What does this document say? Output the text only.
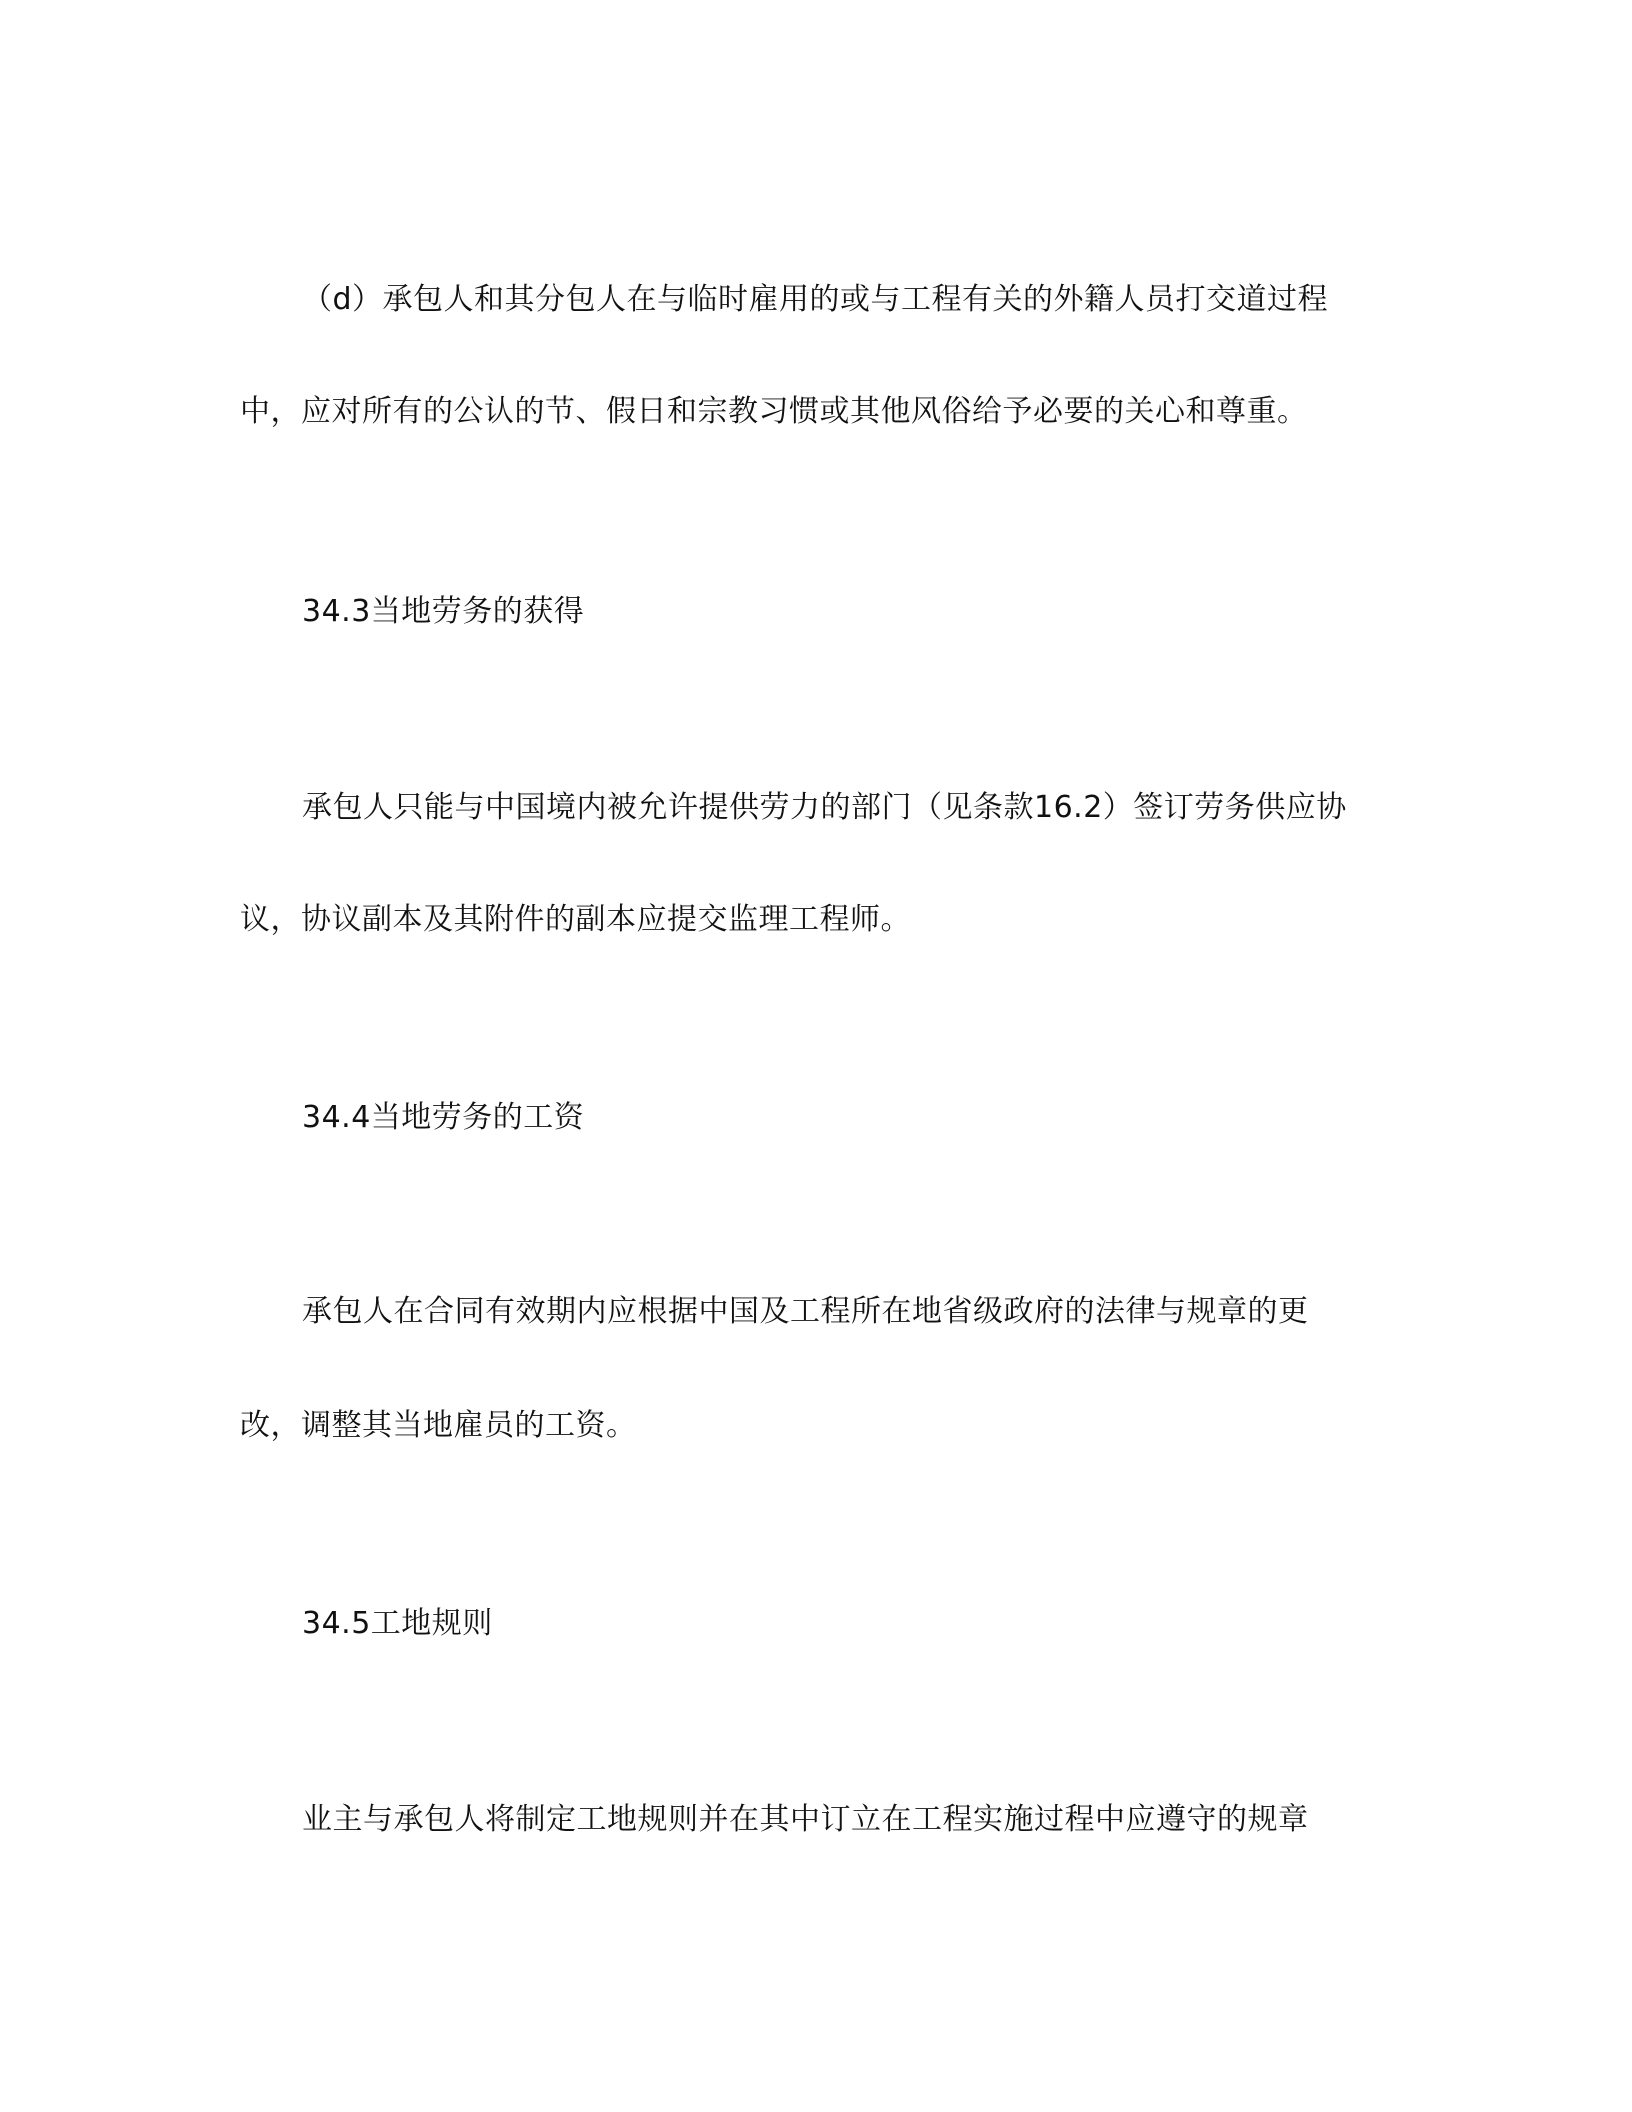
（d）承包人和其分包人在与临时雇用的或与工程有关的外籍人员打交道过程
中，应对所有的公认的节、假日和宗教习惯或其他风俗给予必要的关心和尊重。
34.3当地劳务的获得
承包人只能与中国境内被允许提供劳力的部门（见条款16.2）签订劳务供应协
议，协议副本及其附件的副本应提交监理工程师。
34.4当地劳务的工资
承包人在合同有效期内应根据中国及工程所在地省级政府的法律与规章的更
改，调整其当地雇员的工资。
34.5工地规则
业主与承包人将制定工地规则并在其中订立在工程实施过程中应遵守的规章
